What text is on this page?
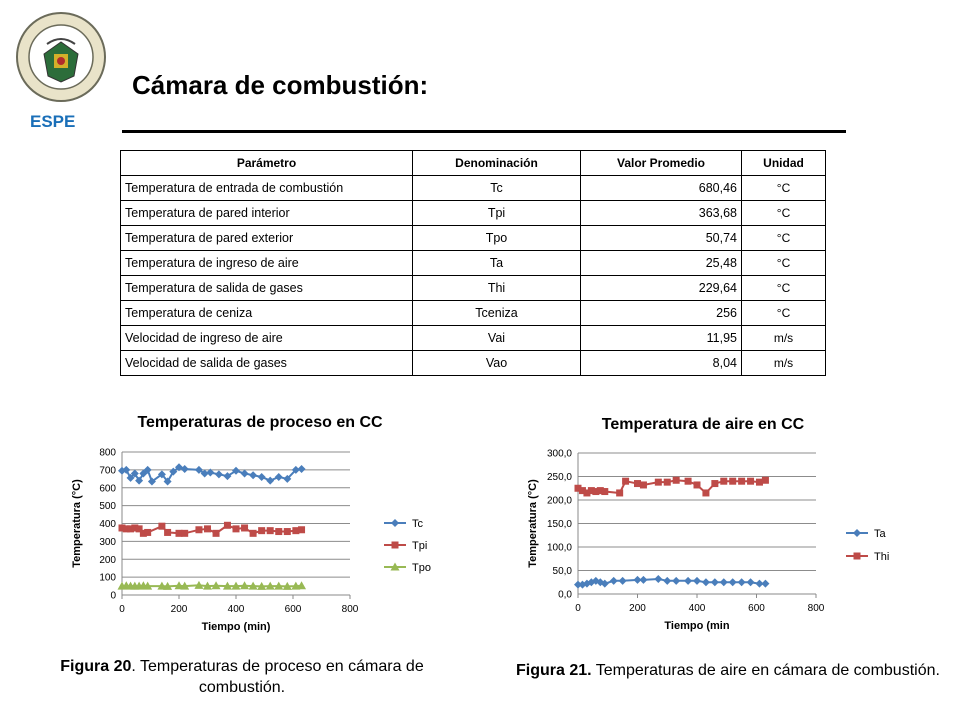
ESPE
Cámara de combustión:
Parámetro	Denominación	Valor Promedio	Unidad
Temperatura de entrada de combustión	Tc	680,46	°C
Temperatura de pared interior	Tpi	363,68	°C
Temperatura de pared exterior	Tpo	50,74	°C
Temperatura de ingreso de aire	Ta	25,48	°C
Temperatura de salida de gases	Thi	229,64	°C
Temperatura de ceniza	Tceniza	256	°C
Velocidad de ingreso de aire	Vai	11,95	m/s
Velocidad de salida de gases	Vao	8,04	m/s
Temperaturas de proceso en CC
0
100
200
300
400
500
600
700
800
0	200	400	600	800
Tiempo (min)
Temperatura (°C)	Tc
Tpi
Tpo
Temperatura de aire en CC
0,0
50,0
100,0
150,0
200,0
250,0
300,0
0	200	400	600	800
Tiempo (min
Temperatura (°C)	Ta
Thi
Figura 20. Temperaturas de proceso en cámara de combustión.
Figura 21. Temperaturas de aire en cámara de combustión.
